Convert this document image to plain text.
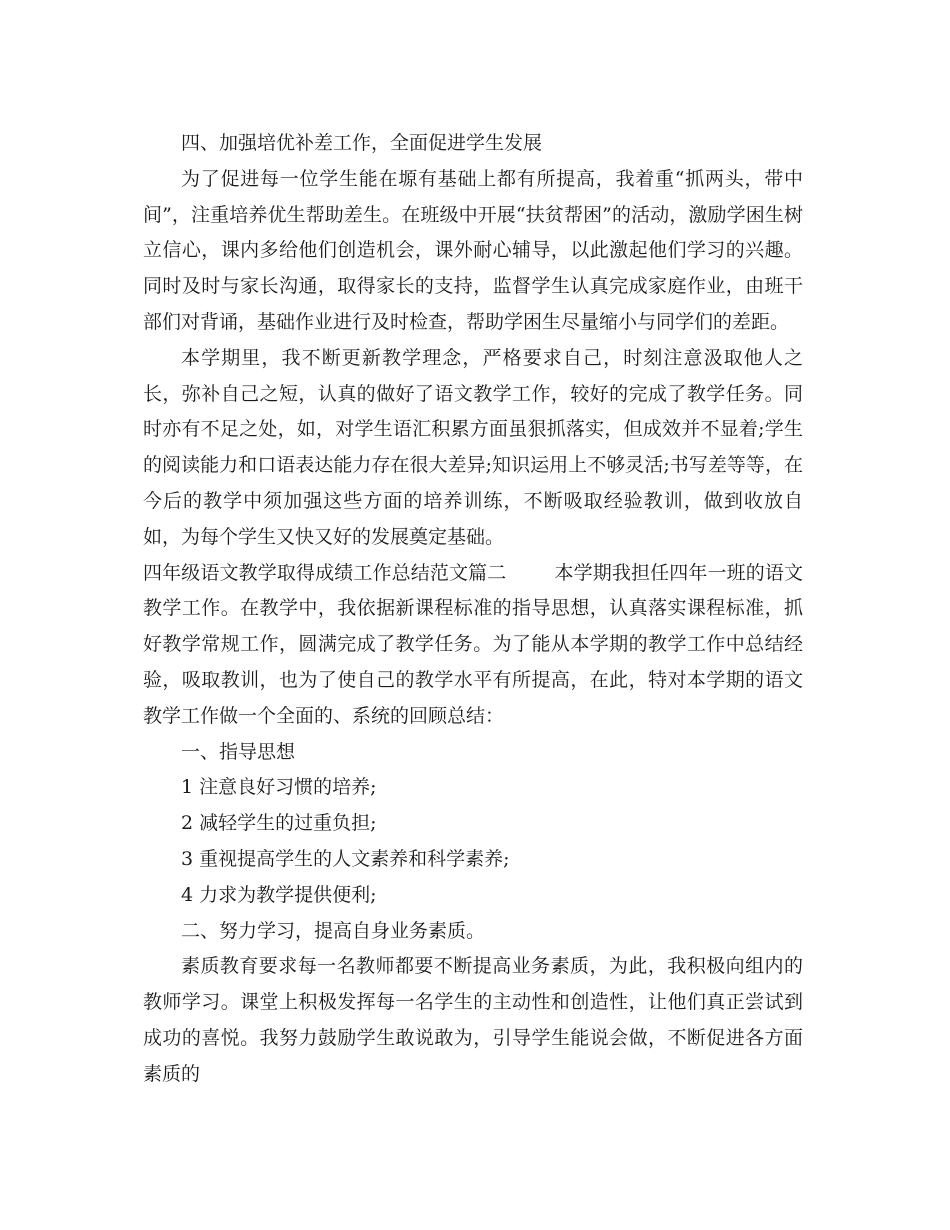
四、加强培优补差工作，全面促进学生发展

为了促进每一位学生能在塬有基础上都有所提高，我着重“抓两头，带中间”，注重培养优生帮助差生。在班级中开展“扶贫帮困”的活动，激励学困生树立信心，课内多给他们创造机会，课外耐心辅导，以此激起他们学习的兴趣。同时及时与家长沟通，取得家长的支持，监督学生认真完成家庭作业，由班干部们对背诵，基础作业进行及时检查，帮助学困生尽量缩小与同学们的差距。

本学期里，我不断更新教学理念，严格要求自己，时刻注意汲取他人之长，弥补自己之短，认真的做好了语文教学工作，较好的完成了教学任务。同时亦有不足之处，如，对学生语汇积累方面虽狠抓落实，但成效并不显着;学生的阅读能力和口语表达能力存在很大差异;知识运用上不够灵活;书写差等等，在今后的教学中须加强这些方面的培养训练，不断吸取经验教训，做到收放自如，为每个学生又快又好的发展奠定基础。

四年级语文教学取得成绩工作总结范文篇二	本学期我担任四年一班的语文教学工作。在教学中，我依据新课程标准的指导思想，认真落实课程标准，抓好教学常规工作，圆满完成了教学任务。为了能从本学期的教学工作中总结经验，吸取教训，也为了使自己的教学水平有所提高，在此，特对本学期的语文教学工作做一个全面的、系统的回顾总结：

一、指导思想

1 注意良好习惯的培养;

2 减轻学生的过重负担;

3 重视提高学生的人文素养和科学素养;

4 力求为教学提供便利;

二、努力学习，提高自身业务素质。

素质教育要求每一名教师都要不断提高业务素质，为此，我积极向组内的教师学习。课堂上积极发挥每一名学生的主动性和创造性，让他们真正尝试到成功的喜悦。我努力鼓励学生敢说敢为，引导学生能说会做，不断促进各方面素质的
